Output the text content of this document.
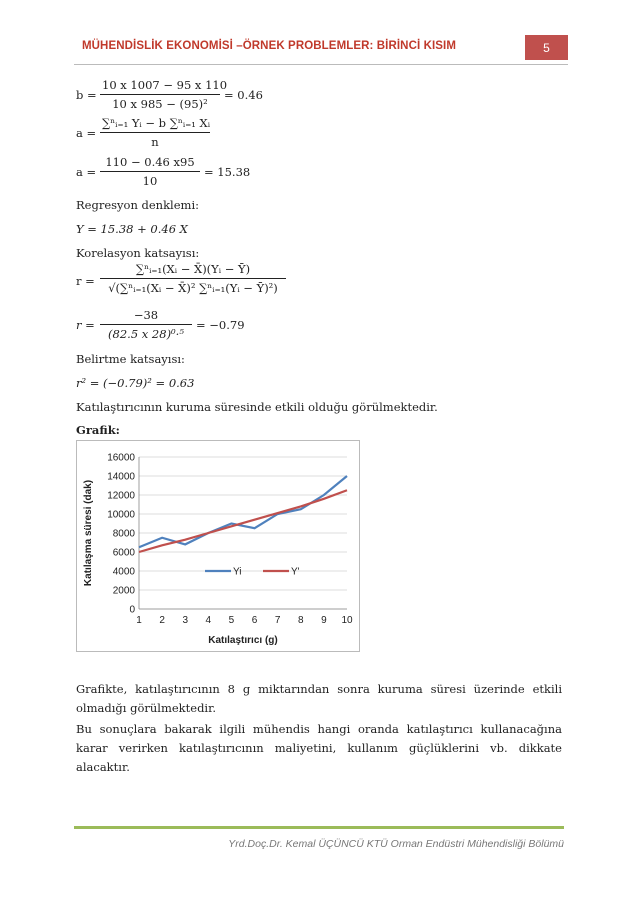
MÜHENDİSLİK EKONOMİSİ –ÖRNEK PROBLEMLER: BİRİNCİ KISIM	5
b =
10 x 1007 − 95 x 110
10 x 985 − (95)²
= 0.46
a =
∑ⁿᵢ₌₁ Yᵢ − b ∑ⁿᵢ₌₁ Xᵢ
n
a =
110 − 0.46 x95
10
= 15.38
Regresyon denklemi:
Y = 15.38 + 0.46 X
Korelasyon katsayısı:
r =
∑ⁿᵢ₌₁(Xᵢ − X̄)(Yᵢ − Ȳ)
√(∑ⁿᵢ₌₁(Xᵢ − X̄)² ∑ⁿᵢ₌₁(Yᵢ − Ȳ)²)
r =
−38
(82.5 x 28)⁰·⁵
= −0.79
Belirtme katsayısı:
r² = (−0.79)² = 0.63
Katılaştırıcının kuruma süresinde etkili olduğu görülmektedir.
Grafik:
0
2000
4000
6000
8000
10000
12000
14000
16000
1 2 3 4 5 6 7 8 9 10
Yi	Y'
Katılaştırıcı (g)
Katılaşma süresi (dak)
Grafikte, katılaştırıcının 8 g miktarından sonra kuruma süresi üzerinde etkili olmadığı görülmektedir.
Bu sonuçlara bakarak ilgili mühendis hangi oranda katılaştırıcı kullanacağına karar verirken katılaştırıcının maliyetini, kullanım güçlüklerini vb. dikkate alacaktır.
Yrd.Doç.Dr. Kemal ÜÇÜNCÜ KTÜ Orman Endüstri Mühendisliği Bölümü
